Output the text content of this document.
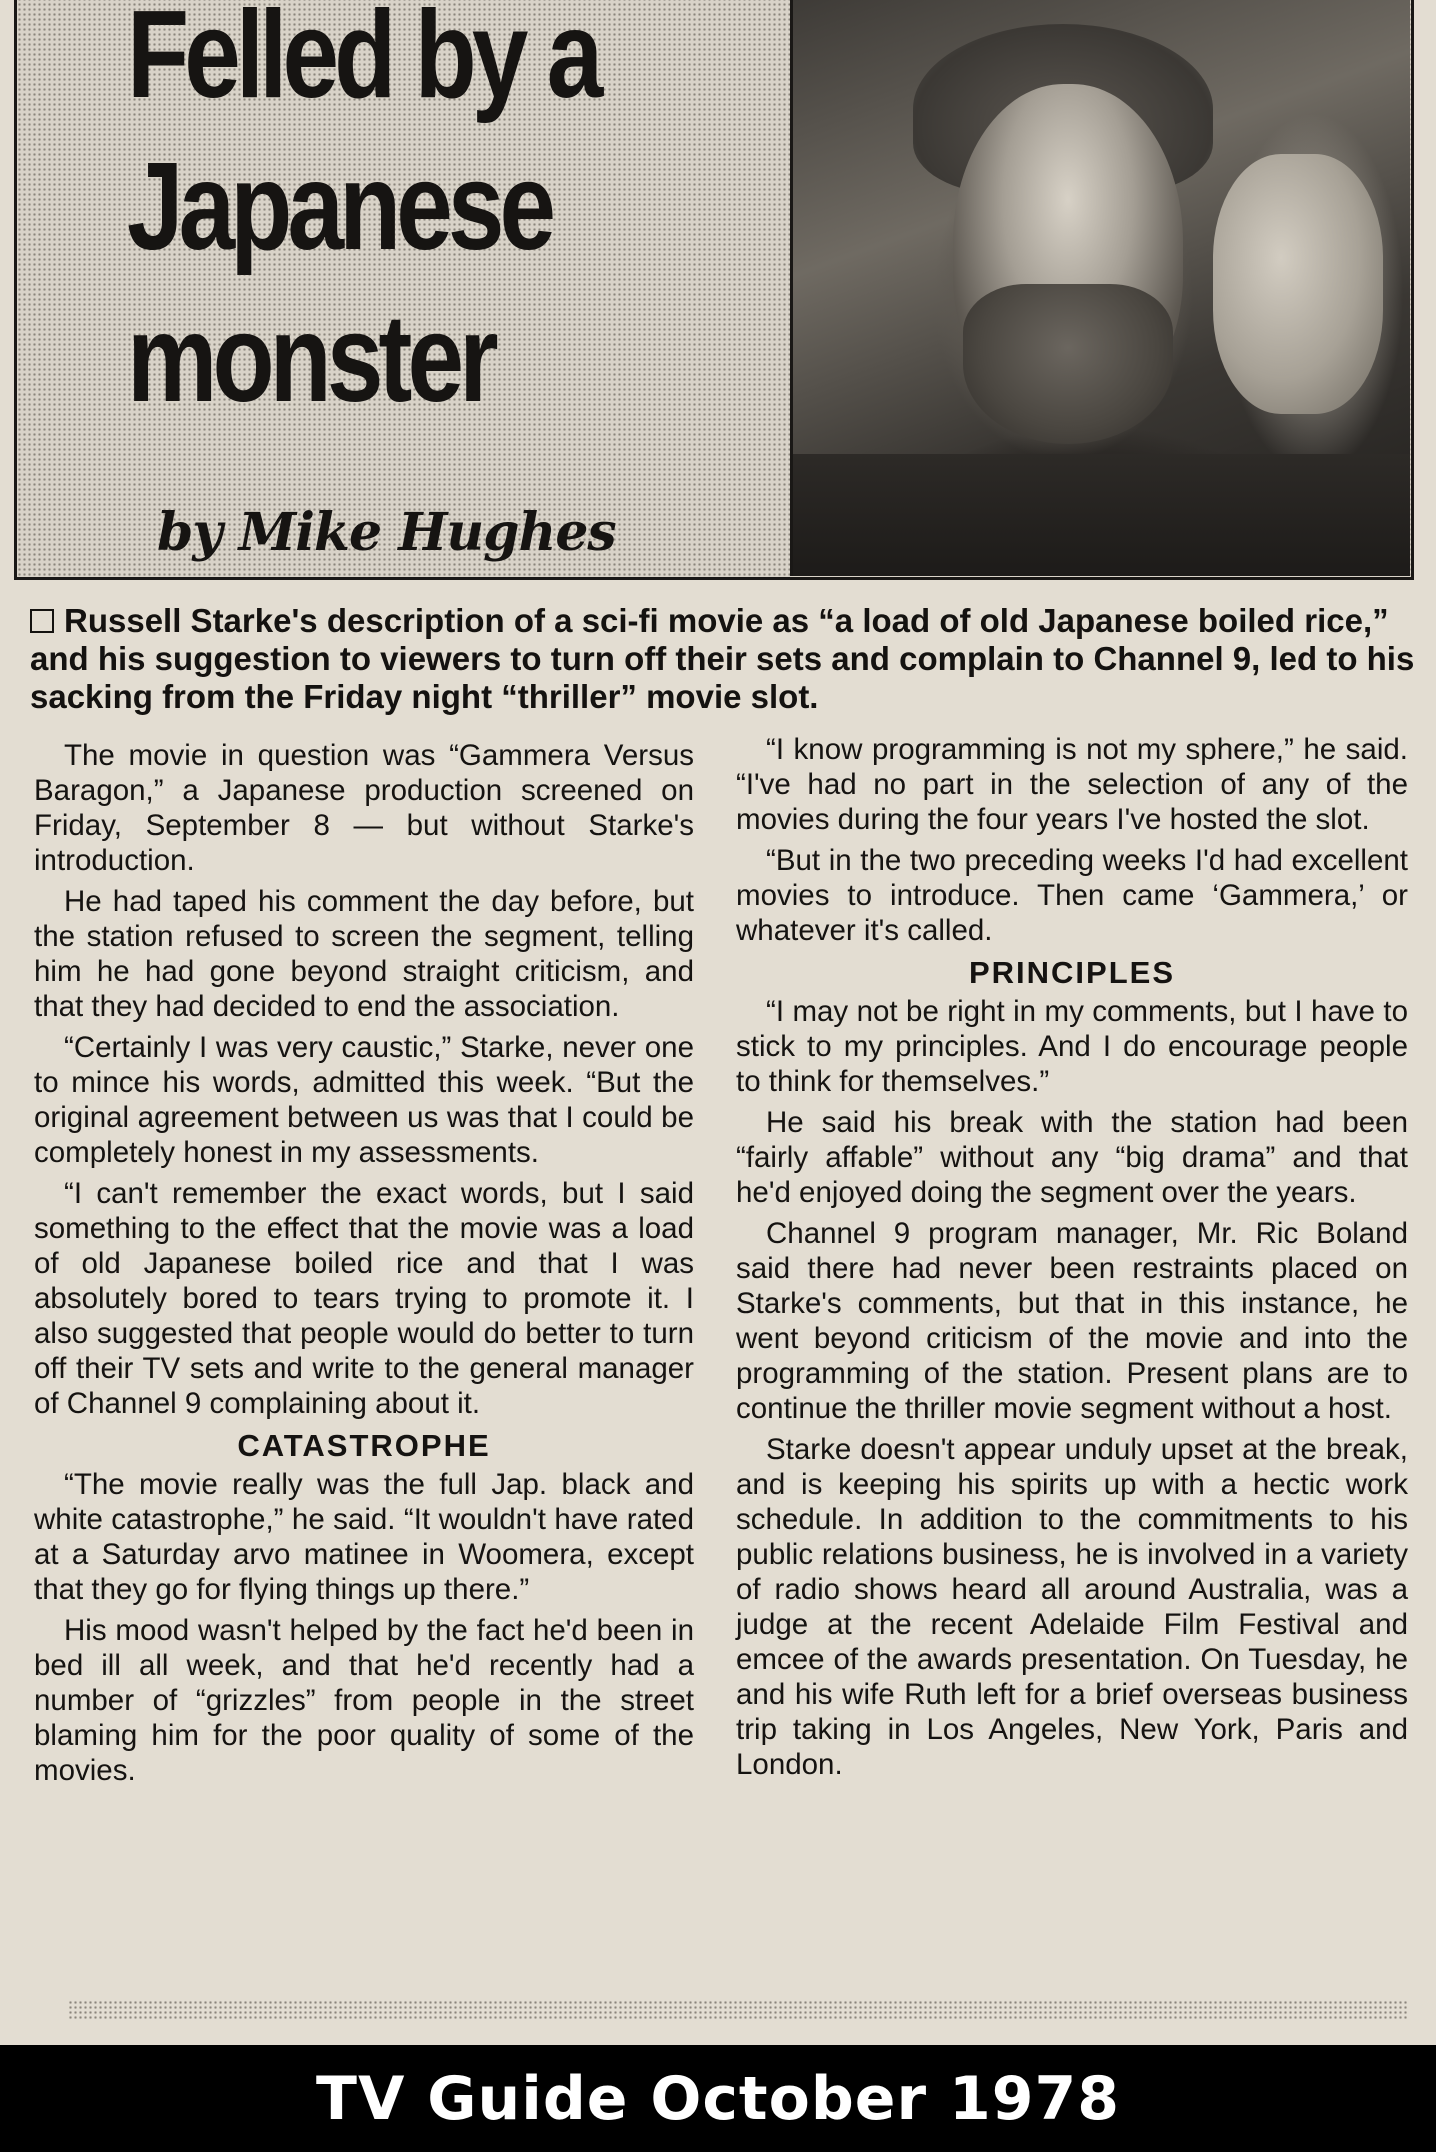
Felled by a
Japanese
monster
by Mike Hughes

Russell Starke's description of a sci-fi movie as “a load of old Japanese boiled rice,” and his suggestion to viewers to turn off their sets and complain to Channel 9, led to his sacking from the Friday night “thriller” movie slot.

The movie in question was “Gammera Versus Baragon,” a Japanese production screened on Friday, September 8 — but without Starke's introduction.

He had taped his comment the day before, but the station refused to screen the segment, telling him he had gone beyond straight criticism, and that they had decided to end the association.

“Certainly I was very caustic,” Starke, never one to mince his words, admitted this week. “But the original agreement between us was that I could be completely honest in my assessments.

“I can't remember the exact words, but I said something to the effect that the movie was a load of old Japanese boiled rice and that I was absolutely bored to tears trying to promote it. I also suggested that people would do better to turn off their TV sets and write to the general manager of Channel 9 complaining about it.

CATASTROPHE

“The movie really was the full Jap. black and white catastrophe,” he said. “It wouldn't have rated at a Saturday arvo matinee in Woomera, except that they go for flying things up there.”

His mood wasn't helped by the fact he'd been in bed ill all week, and that he'd recently had a number of “grizzles” from people in the street blaming him for the poor quality of some of the movies.

“I know programming is not my sphere,” he said. “I've had no part in the selection of any of the movies during the four years I've hosted the slot.

“But in the two preceding weeks I'd had excellent movies to introduce. Then came ‘Gammera,’ or whatever it's called.

PRINCIPLES

“I may not be right in my comments, but I have to stick to my principles. And I do encourage people to think for themselves.”

He said his break with the station had been “fairly affable” without any “big drama” and that he'd enjoyed doing the segment over the years.

Channel 9 program manager, Mr. Ric Boland said there had never been restraints placed on Starke's comments, but that in this instance, he went beyond criticism of the movie and into the programming of the station. Present plans are to continue the thriller movie segment without a host.

Starke doesn't appear unduly upset at the break, and is keeping his spirits up with a hectic work schedule. In addition to the commitments to his public relations business, he is involved in a variety of radio shows heard all around Australia, was a judge at the recent Adelaide Film Festival and emcee of the awards presentation. On Tuesday, he and his wife Ruth left for a brief overseas business trip taking in Los Angeles, New York, Paris and London.

TV Guide October 1978
